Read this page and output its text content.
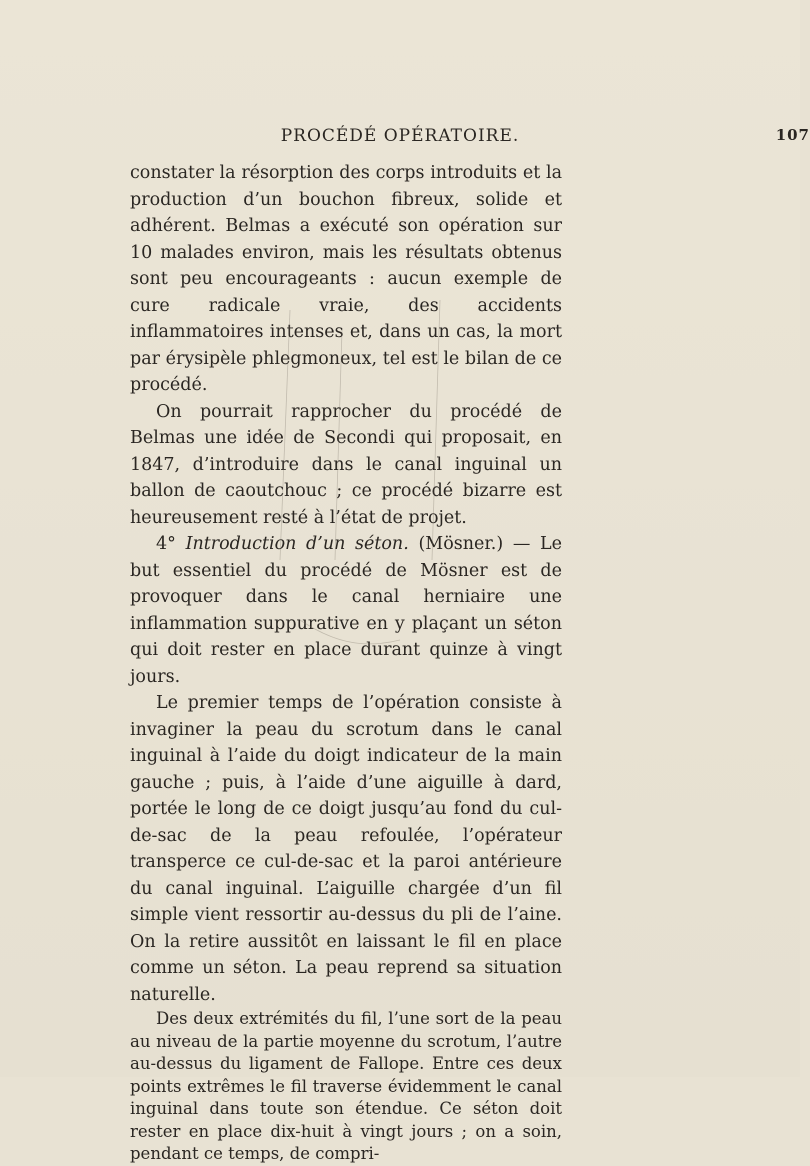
PROCÉDÉ OPÉRATOIRE.	107

constater la résorption des corps introduits et la production d’un bouchon fibreux, solide et adhérent. Belmas a exécuté son opération sur 10 malades environ, mais les résultats obtenus sont peu encourageants : aucun exemple de cure radicale vraie, des accidents inflammatoires intenses et, dans un cas, la mort par érysipèle phlegmoneux, tel est le bilan de ce procédé.

On pourrait rapprocher du procédé de Belmas une idée de Secondi qui proposait, en 1847, d’introduire dans le canal inguinal un ballon de caoutchouc ; ce procédé bizarre est heureusement resté à l’état de projet.

4° Introduction d’un séton. (Mösner.) — Le but essentiel du procédé de Mösner est de provoquer dans le canal herniaire une inflammation suppurative en y plaçant un séton qui doit rester en place durant quinze à vingt jours.

Le premier temps de l’opération consiste à invaginer la peau du scrotum dans le canal inguinal à l’aide du doigt indicateur de la main gauche ; puis, à l’aide d’une aiguille à dard, portée le long de ce doigt jusqu’au fond du cul-de-sac de la peau refoulée, l’opérateur transperce ce cul-de-sac et la paroi antérieure du canal inguinal. L’aiguille chargée d’un fil simple vient ressortir au-dessus du pli de l’aine. On la retire aussitôt en laissant le fil en place comme un séton. La peau reprend sa situation naturelle.

Des deux extrémités du fil, l’une sort de la peau au niveau de la partie moyenne du scrotum, l’autre au-dessus du ligament de Fallope. Entre ces deux points extrêmes le fil traverse évidemment le canal inguinal dans toute son étendue. Ce séton doit rester en place dix-huit à vingt jours ; on a soin, pendant ce temps, de compri-
